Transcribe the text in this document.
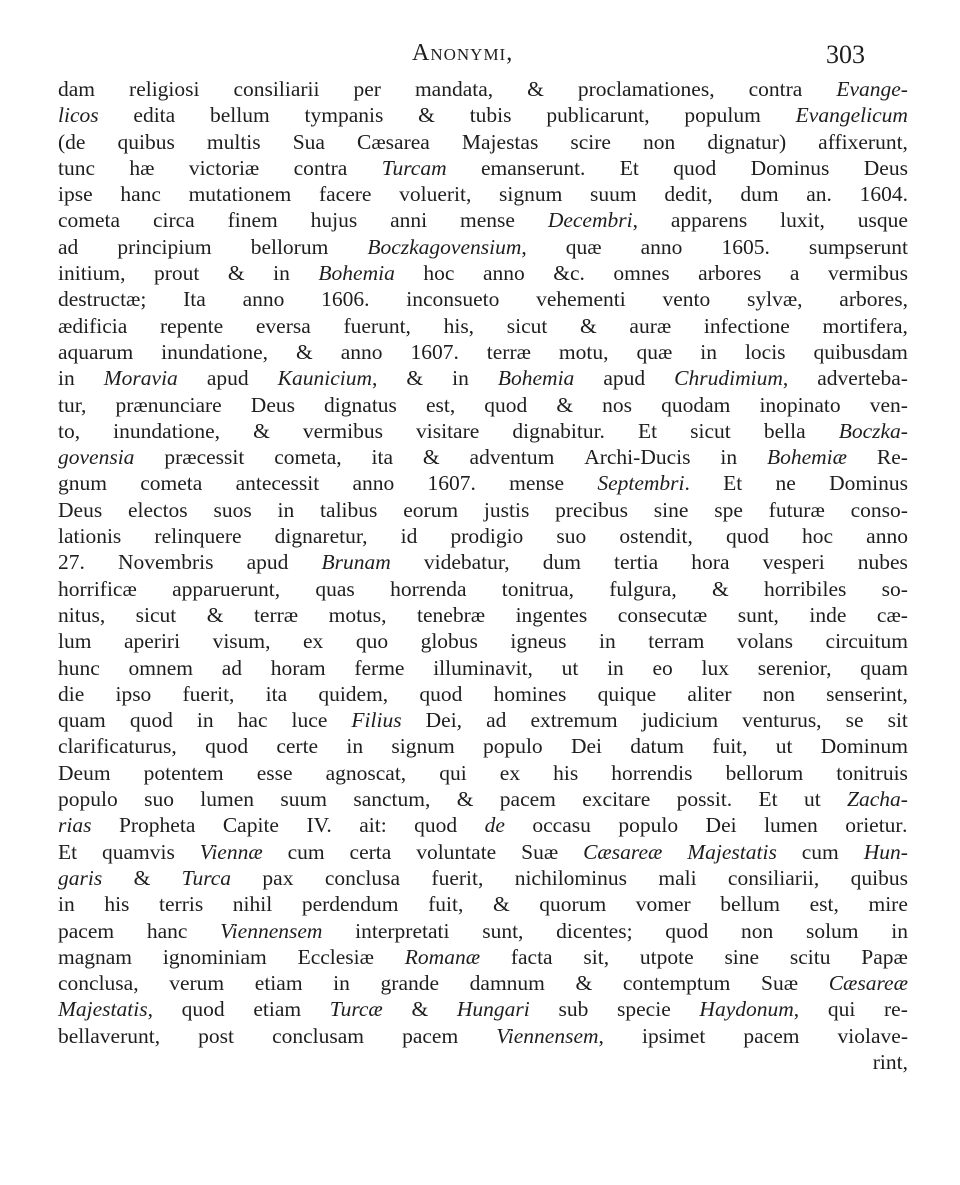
Anonymi,	303
dam religiosi consiliarii per mandata, & proclamationes, contra Evange-
licos edita bellum tympanis & tubis publicarunt, populum Evangelicum
(de quibus multis Sua Cæsarea Majestas scire non dignatur) affixerunt,
tunc hæ victoriæ contra Turcam emanserunt. Et quod Dominus Deus
ipse hanc mutationem facere voluerit, signum suum dedit, dum an. 1604.
cometa circa finem hujus anni mense Decembri, apparens luxit, usque
ad principium bellorum Boczkagovensium, quæ anno 1605. sumpserunt
initium, prout & in Bohemia hoc anno &c. omnes arbores a vermibus
destructæ; Ita anno 1606. inconsueto vehementi vento sylvæ, arbores,
ædificia repente eversa fuerunt, his, sicut & auræ infectione mortifera,
aquarum inundatione, & anno 1607. terræ motu, quæ in locis quibusdam
in Moravia apud Kaunicium, & in Bohemia apud Chrudimium, adverteba-
tur, prænunciare Deus dignatus est, quod & nos quodam inopinato ven-
to, inundatione, & vermibus visitare dignabitur. Et sicut bella Boczka-
govensia præcessit cometa, ita & adventum Archi-Ducis in Bohemiæ Re-
gnum cometa antecessit anno 1607. mense Septembri. Et ne Dominus
Deus electos suos in talibus eorum justis precibus sine spe futuræ conso-
lationis relinquere dignaretur, id prodigio suo ostendit, quod hoc anno
27. Novembris apud Brunam videbatur, dum tertia hora vesperi nubes
horrificæ apparuerunt, quas horrenda tonitrua, fulgura, & horribiles so-
nitus, sicut & terræ motus, tenebræ ingentes consecutæ sunt, inde cæ-
lum aperiri visum, ex quo globus igneus in terram volans circuitum
hunc omnem ad horam ferme illuminavit, ut in eo lux serenior, quam
die ipso fuerit, ita quidem, quod homines quique aliter non senserint,
quam quod in hac luce Filius Dei, ad extremum judicium venturus, se sit
clarificaturus, quod certe in signum populo Dei datum fuit, ut Dominum
Deum potentem esse agnoscat, qui ex his horrendis bellorum tonitruis
populo suo lumen suum sanctum, & pacem excitare possit. Et ut Zacha-
rias Propheta Capite IV. ait: quod de occasu populo Dei lumen orietur.
Et quamvis Viennæ cum certa voluntate Suæ Cæsareæ Majestatis cum Hun-
garis & Turca pax conclusa fuerit, nichilominus mali consiliarii, quibus
in his terris nihil perdendum fuit, & quorum vomer bellum est, mire
pacem hanc Viennensem interpretati sunt, dicentes; quod non solum in
magnam ignominiam Ecclesiæ Romanæ facta sit, utpote sine scitu Papæ
conclusa, verum etiam in grande damnum & contemptum Suæ Cæsareæ
Majestatis, quod etiam Turcæ & Hungari sub specie Haydonum, qui re-
bellaverunt, post conclusam pacem Viennensem, ipsimet pacem violave-
rint,
